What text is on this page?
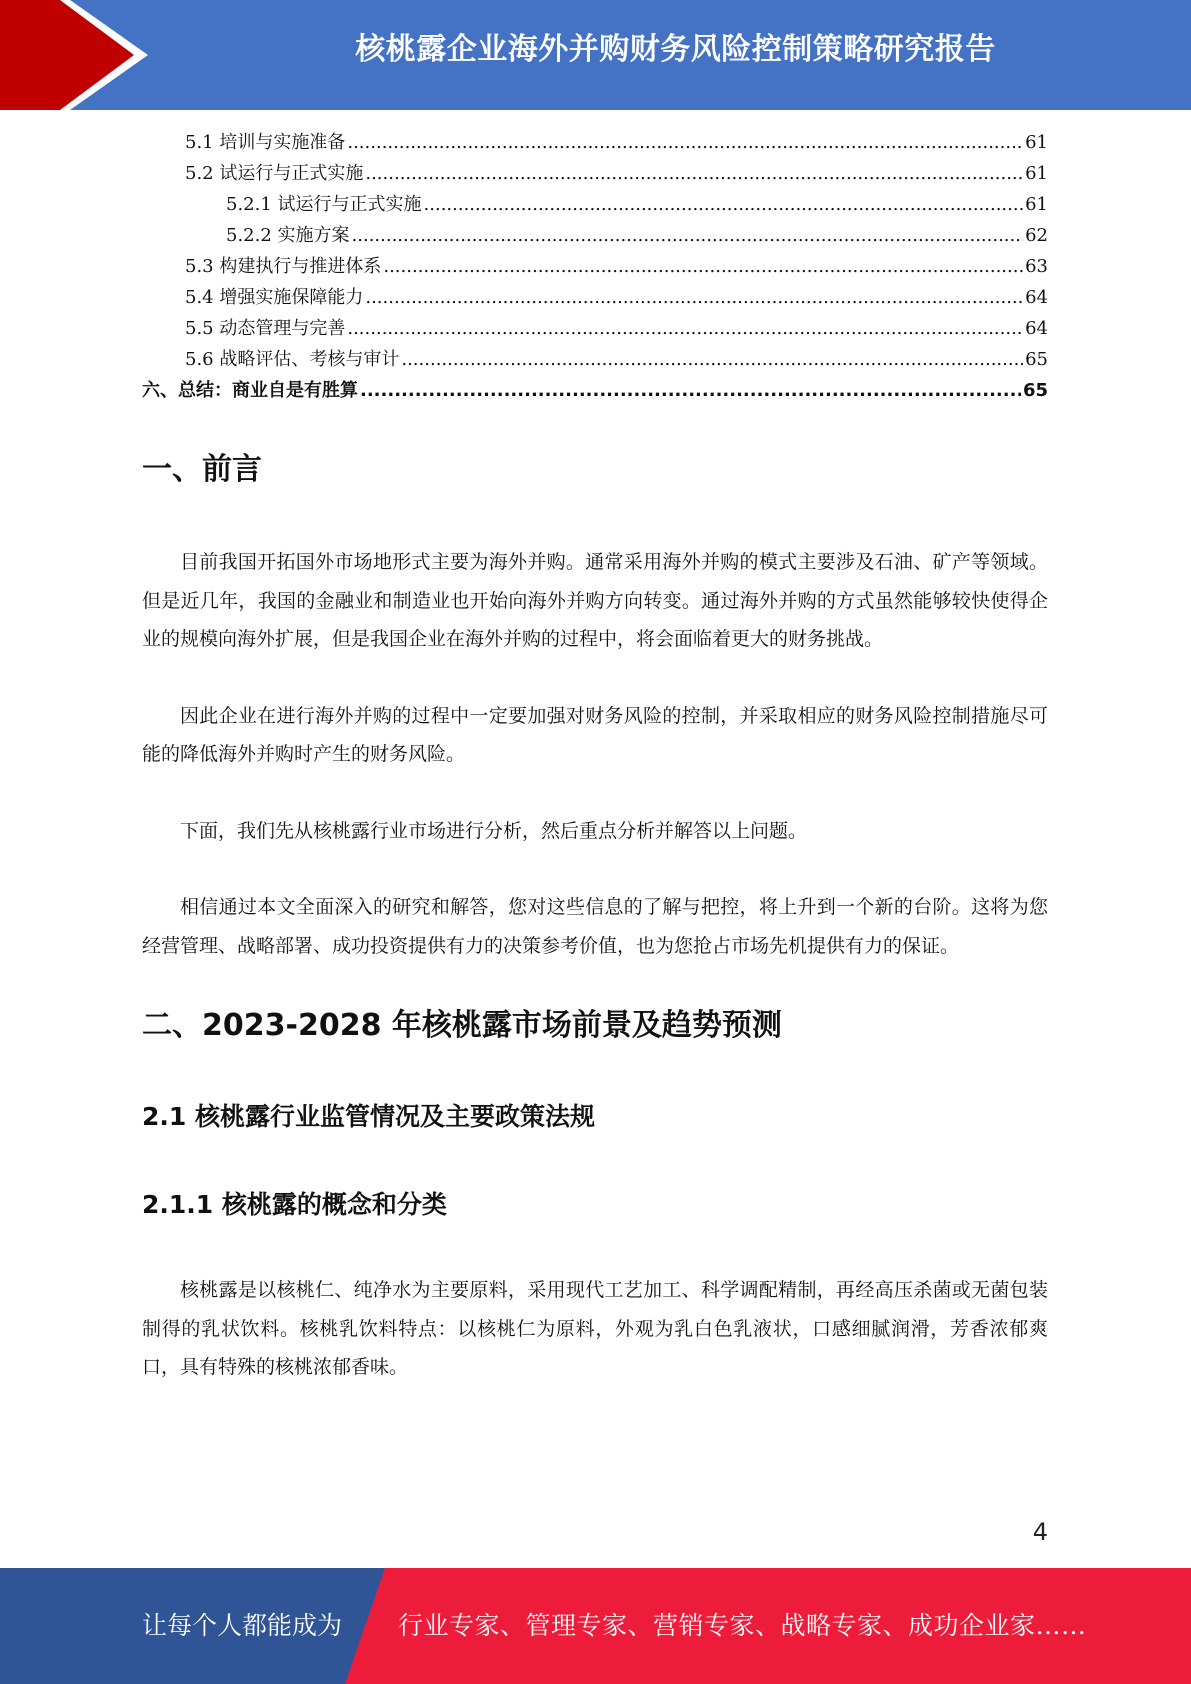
核桃露企业海外并购财务风险控制策略研究报告
5.1 培训与实施准备 .....	61
5.2 试运行与正式实施 .....	61
5.2.1 试运行与正式实施 .....	61
5.2.2 实施方案 .....	62
5.3 构建执行与推进体系 .....	63
5.4 增强实施保障能力 .....	64
5.5 动态管理与完善 .....	64
5.6 战略评估、考核与审计 .....	65
六、总结：商业自是有胜算 .....	65
一、前言

目前我国开拓国外市场地形式主要为海外并购。通常采用海外并购的模式主要涉及石油、矿产等领域。但是近几年，我国的金融业和制造业也开始向海外并购方向转变。通过海外并购的方式虽然能够较快使得企业的规模向海外扩展，但是我国企业在海外并购的过程中，将会面临着更大的财务挑战。

因此企业在进行海外并购的过程中一定要加强对财务风险的控制，并采取相应的财务风险控制措施尽可能的降低海外并购时产生的财务风险。

下面，我们先从核桃露行业市场进行分析，然后重点分析并解答以上问题。

相信通过本文全面深入的研究和解答，您对这些信息的了解与把控，将上升到一个新的台阶。这将为您经营管理、战略部署、成功投资提供有力的决策参考价值，也为您抢占市场先机提供有力的保证。

二、2023-2028 年核桃露市场前景及趋势预测
2.1 核桃露行业监管情况及主要政策法规
2.1.1 核桃露的概念和分类

核桃露是以核桃仁、纯净水为主要原料，采用现代工艺加工、科学调配精制，再经高压杀菌或无菌包装制得的乳状饮料。核桃乳饮料特点：以核桃仁为原料，外观为乳白色乳液状，口感细腻润滑，芳香浓郁爽口，具有特殊的核桃浓郁香味。

4
让每个人都能成为 行业专家、管理专家、营销专家、战略专家、成功企业家……
